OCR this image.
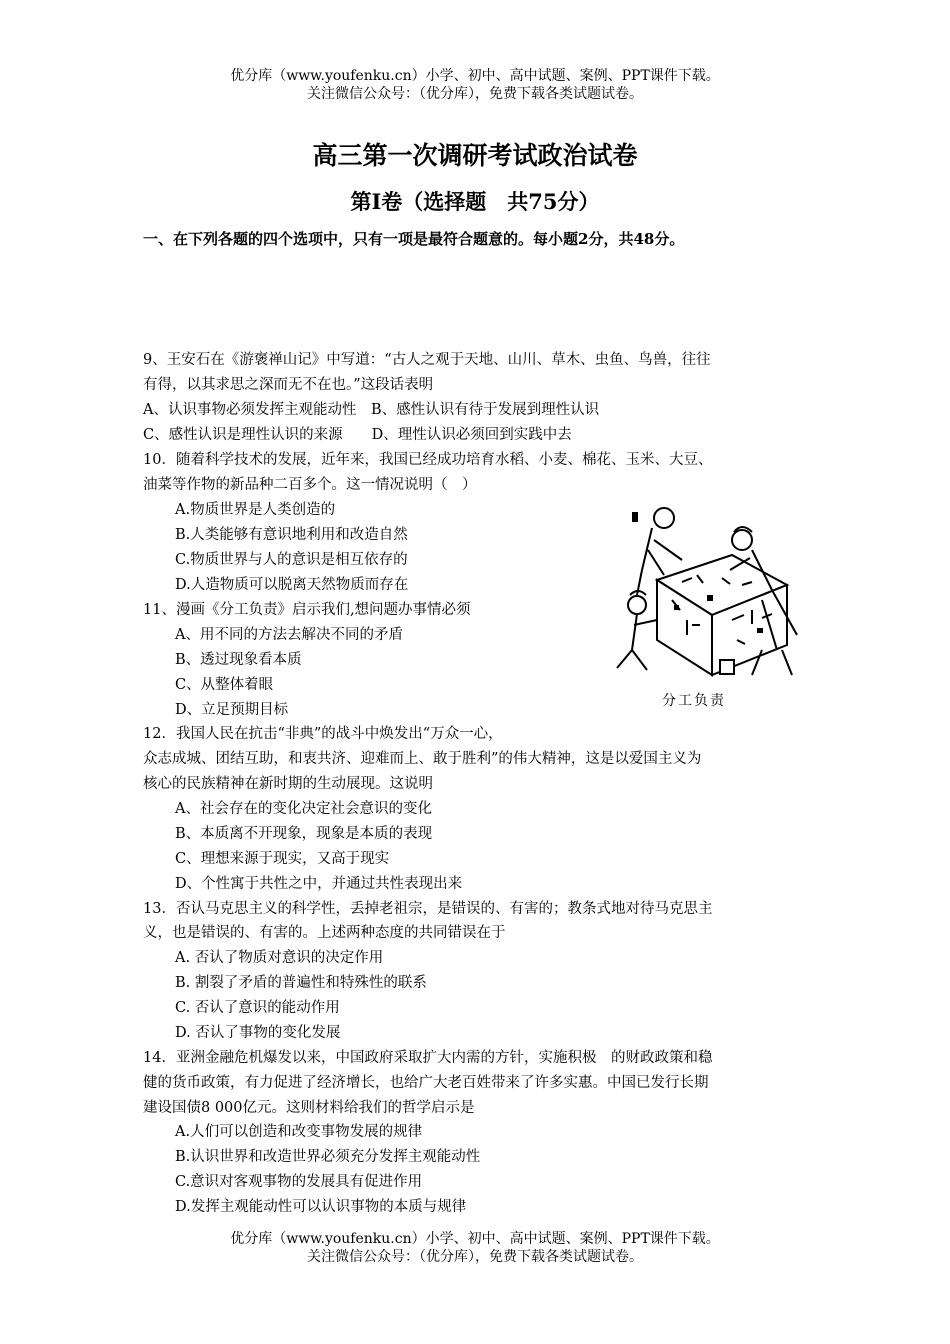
优分库（www.youfenku.cn）小学、初中、高中试题、案例、PPT课件下载。
关注微信公众号：（优分库），免费下载各类试题试卷。
高三第一次调研考试政治试卷
第Ⅰ卷（选择题　共75分）
一、在下列各题的四个选项中，只有一项是最符合题意的。每小题2分，共48分。
9、王安石在《游褒禅山记》中写道：“古人之观于天地、山川、草木、虫鱼、鸟兽，往往
有得，以其求思之深而无不在也。”这段话表明
A、认识事物必须发挥主观能动性　B、感性认识有待于发展到理性认识
C、感性认识是理性认识的来源　　D、理性认识必须回到实践中去
10．随着科学技术的发展，近年来，我国已经成功培育水稻、小麦、棉花、玉米、大豆、
油菜等作物的新品种二百多个。这一情况说明（　）
A.物质世界是人类创造的
B.人类能够有意识地利用和改造自然
C.物质世界与人的意识是相互依存的
D.人造物质可以脱离天然物质而存在
11、漫画《分工负责》启示我们,想问题办事情必须
A、用不同的方法去解决不同的矛盾
B、透过现象看本质
C、从整体着眼
D、立足预期目标
12．我国人民在抗击“非典”的战斗中焕发出“万众一心，
众志成城、团结互助，和衷共济、迎难而上、敢于胜利”的伟大精神，这是以爱国主义为
核心的民族精神在新时期的生动展现。这说明
A、社会存在的变化决定社会意识的变化
B、本质离不开现象，现象是本质的表现
C、理想来源于现实，又高于现实
D、个性寓于共性之中，并通过共性表现出来
13．否认马克思主义的科学性，丢掉老祖宗，是错误的、有害的；教条式地对待马克思主
义，也是错误的、有害的。上述两种态度的共同错误在于
A. 否认了物质对意识的决定作用
B. 割裂了矛盾的普遍性和特殊性的联系
C. 否认了意识的能动作用
D. 否认了事物的变化发展
14．亚洲金融危机爆发以来，中国政府采取扩大内需的方针，实施积极　的财政政策和稳
健的货币政策，有力促进了经济增长，也给广大老百姓带来了许多实惠。中国已发行长期
建设国债8 000亿元。这则材料给我们的哲学启示是
A.人们可以创造和改变事物发展的规律
B.认识世界和改造世界必须充分发挥主观能动性
C.意识对客观事物的发展具有促进作用
D.发挥主观能动性可以认识事物的本质与规律
分工负责
优分库（www.youfenku.cn）小学、初中、高中试题、案例、PPT课件下载。
关注微信公众号：（优分库），免费下载各类试题试卷。
